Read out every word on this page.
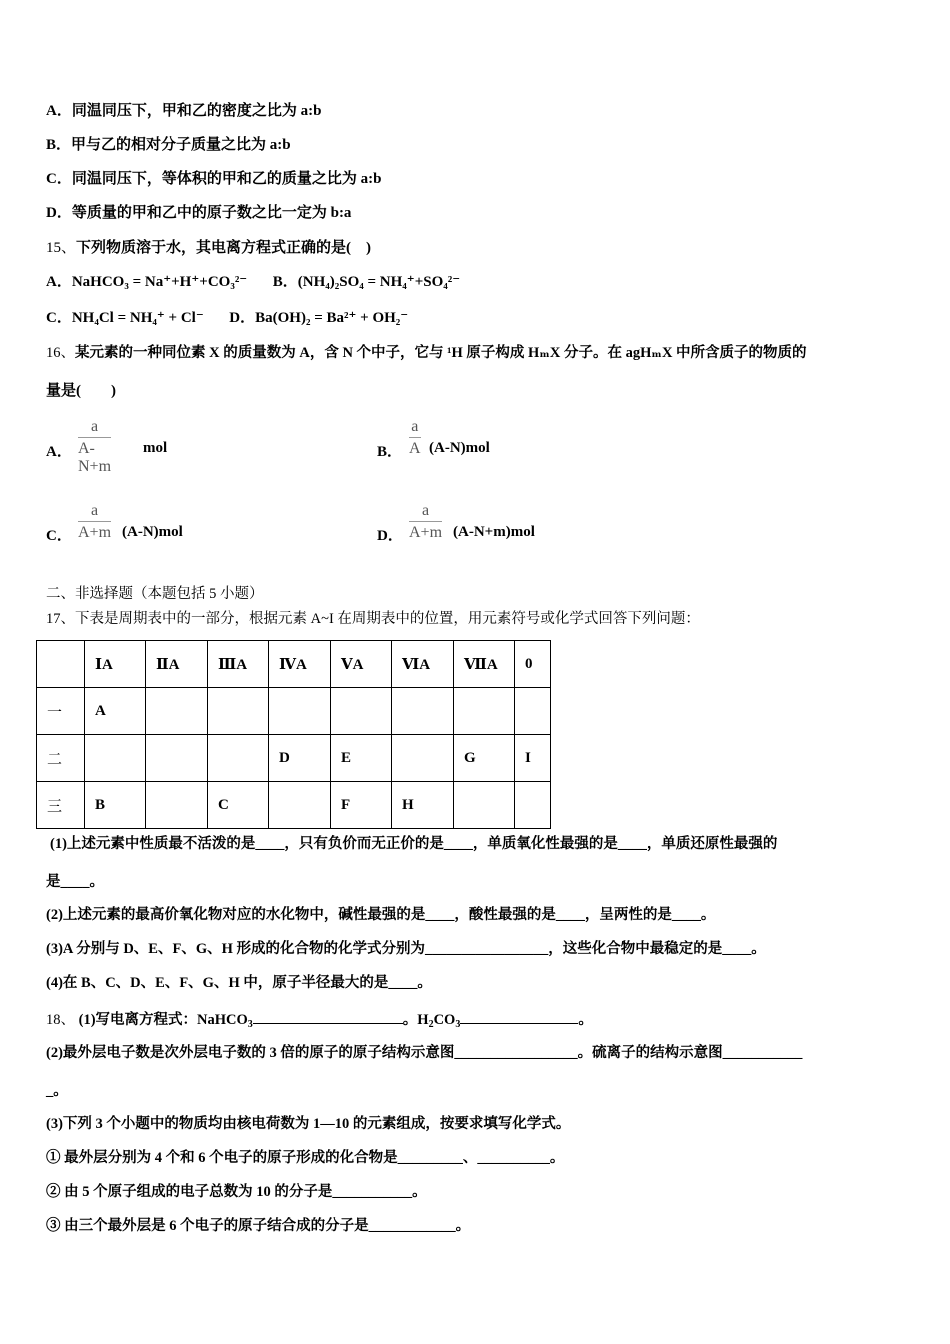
A．同温同压下，甲和乙的密度之比为 a:b
B．甲与乙的相对分子质量之比为 a:b
C．同温同压下，等体积的甲和乙的质量之比为 a:b
D．等质量的甲和乙中的原子数之比一定为 b:a
15、下列物质溶于水，其电离方程式正确的是(　)
A．NaHCO₃ = Na⁺+H⁺+CO₃²⁻ B．(NH₄)₂SO₄ = NH₄⁺+SO₄²⁻
C．NH₄Cl = NH₄⁺ + Cl⁻ D．Ba(OH)₂ = Ba²⁺ + OH₂⁻
16、某元素的一种同位素 X 的质量数为 A，含 N 个中子，它与 ¹H 原子构成 HₘX 分子。在 agHₘX 中所含质子的物质的
量是(　　)
A．
a
A-N+m
mol	B．
a
A (A-N)mol
C．
a
A+m (A-N)mol	D．
a
A+m (A-N+m)mol
二、非选择题（本题包括 5 小题）
17、下表是周期表中的一部分，根据元素 A~I 在周期表中的位置，用元素符号或化学式回答下列问题：
	ⅠA	ⅡA	ⅢA	ⅣA	ⅤA	ⅥA	ⅦA	0
一	A							
二				D	E		G	I
三	B		C		F	H		
(1)上述元素中性质最不活泼的是____，只有负价而无正价的是____，单质氧化性最强的是____，单质还原性最强的
是____。
(2)上述元素的最高价氧化物对应的水化物中，碱性最强的是____，酸性最强的是____，呈两性的是____。
(3)A 分别与 D、E、F、G、H 形成的化合物的化学式分别为_________________，这些化合物中最稳定的是____。
(4)在 B、C、D、E、F、G、H 中，原子半径最大的是____。
18、 (1)写电离方程式：NaHCO$_3$	。$H_2CO_3$	。
(2)最外层电子数是次外层电子数的 3 倍的原子的原子结构示意图_________________。硫离子的结构示意图___________
_。
(3)下列 3 个小题中的物质均由核电荷数为 1—10 的元素组成，按要求填写化学式。
① 最外层分别为 4 个和 6 个电子的原子形成的化合物是_________、__________。
② 由 5 个原子组成的电子总数为 10 的分子是___________。
③ 由三个最外层是 6 个电子的原子结合成的分子是____________。
